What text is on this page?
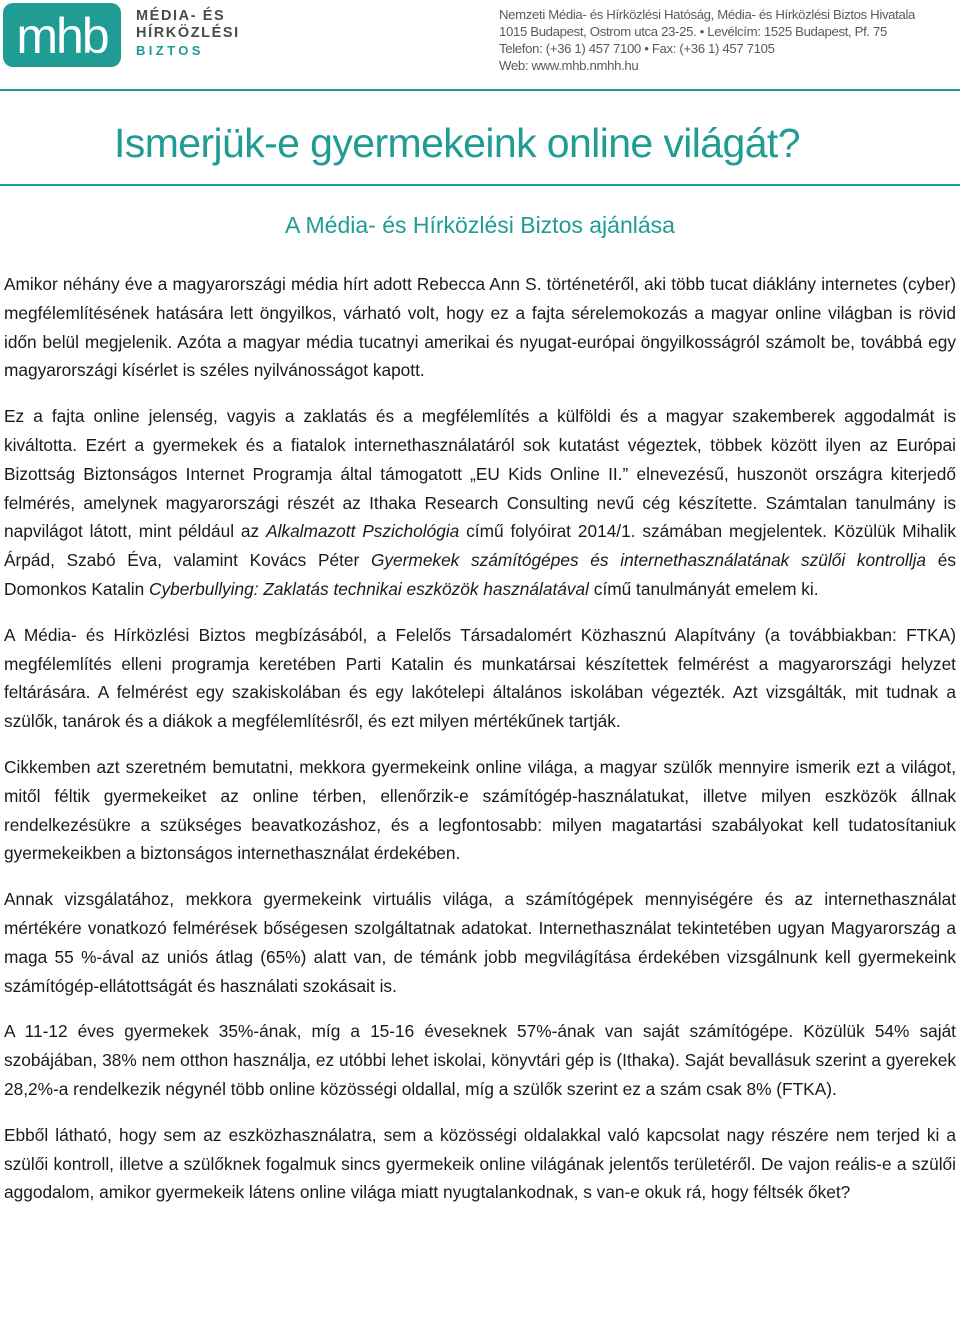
mhb MÉDIA- ÉS
HÍRKÖZLÉSI
BIZTOS
Nemzeti Média- és Hírközlési Hatóság, Média- és Hírközlési Biztos Hivatala
1015 Budapest, Ostrom utca 23-25. • Levélcím: 1525 Budapest, Pf. 75
Telefon: (+36 1) 457 7100 • Fax: (+36 1) 457 7105
Web: www.mhb.nmhh.hu
Ismerjük-e gyermekeink online világát?
A Média- és Hírközlési Biztos ajánlása

Amikor néhány éve a magyarországi média hírt adott Rebecca Ann S. történetéről, aki több tucat diáklány internetes (cyber) megfélemlítésének hatására lett öngyilkos, várható volt, hogy ez a fajta sérelemokozás a magyar online világban is rövid időn belül megjelenik. Azóta a magyar média tucatnyi amerikai és nyugat-európai öngyilkosságról számolt be, továbbá egy magyarországi kísérlet is széles nyilvánosságot kapott.

Ez a fajta online jelenség, vagyis a zaklatás és a megfélemlítés a külföldi és a magyar szakemberek aggodalmát is kiváltotta. Ezért a gyermekek és a fiatalok internethasználatáról sok kutatást végeztek, többek között ilyen az Európai Bizottság Biztonságos Internet Programja által támogatott „EU Kids Online II.” elnevezésű, huszonöt országra kiterjedő felmérés, amelynek magyarországi részét az Ithaka Research Consulting nevű cég készítette. Számtalan tanulmány is napvilágot látott, mint például az Alkalmazott Pszichológia című folyóirat 2014/1. számában megjelentek. Közülük Mihalik Árpád, Szabó Éva, valamint Kovács Péter Gyermekek számítógépes és internethasználatának szülői kontrollja és Domonkos Katalin Cyberbullying: Zaklatás technikai eszközök használatával című tanulmányát emelem ki.

A Média- és Hírközlési Biztos megbízásából, a Felelős Társadalomért Közhasznú Alapítvány (a továbbiakban: FTKA) megfélemlítés elleni programja keretében Parti Katalin és munkatársai készítettek felmérést a magyarországi helyzet feltárására. A felmérést egy szakiskolában és egy lakótelepi általános iskolában végezték. Azt vizsgálták, mit tudnak a szülők, tanárok és a diákok a megfélemlítésről, és ezt milyen mértékűnek tartják.

Cikkemben azt szeretném bemutatni, mekkora gyermekeink online világa, a magyar szülők mennyire ismerik ezt a világot, mitől féltik gyermekeiket az online térben, ellenőrzik-e számítógép-használatukat, illetve milyen eszközök állnak rendelkezésükre a szükséges beavatkozáshoz, és a legfontosabb: milyen magatartási szabályokat kell tudatosítaniuk gyermekeikben a biztonságos internethasználat érdekében.

Annak vizsgálatához, mekkora gyermekeink virtuális világa, a számítógépek mennyiségére és az internethasználat mértékére vonatkozó felmérések bőségesen szolgáltatnak adatokat. Internethasználat tekintetében ugyan Magyarország a maga 55 %-ával az uniós átlag (65%) alatt van, de témánk jobb megvilágítása érdekében vizsgálnunk kell gyermekeink számítógép-ellátottságát és használati szokásait is.

A 11-12 éves gyermekek 35%-ának, míg a 15-16 éveseknek 57%-ának van saját számítógépe. Közülük 54% saját szobájában, 38% nem otthon használja, ez utóbbi lehet iskolai, könyvtári gép is (Ithaka). Saját bevallásuk szerint a gyerekek 28,2%-a rendelkezik négynél több online közösségi oldallal, míg a szülők szerint ez a szám csak 8% (FTKA).

Ebből látható, hogy sem az eszközhasználatra, sem a közösségi oldalakkal való kapcsolat nagy részére nem terjed ki a szülői kontroll, illetve a szülőknek fogalmuk sincs gyermekeik online világának jelentős területéről. De vajon reális-e a szülői aggodalom, amikor gyermekeik látens online világa miatt nyugtalankodnak, s van-e okuk rá, hogy féltsék őket?
